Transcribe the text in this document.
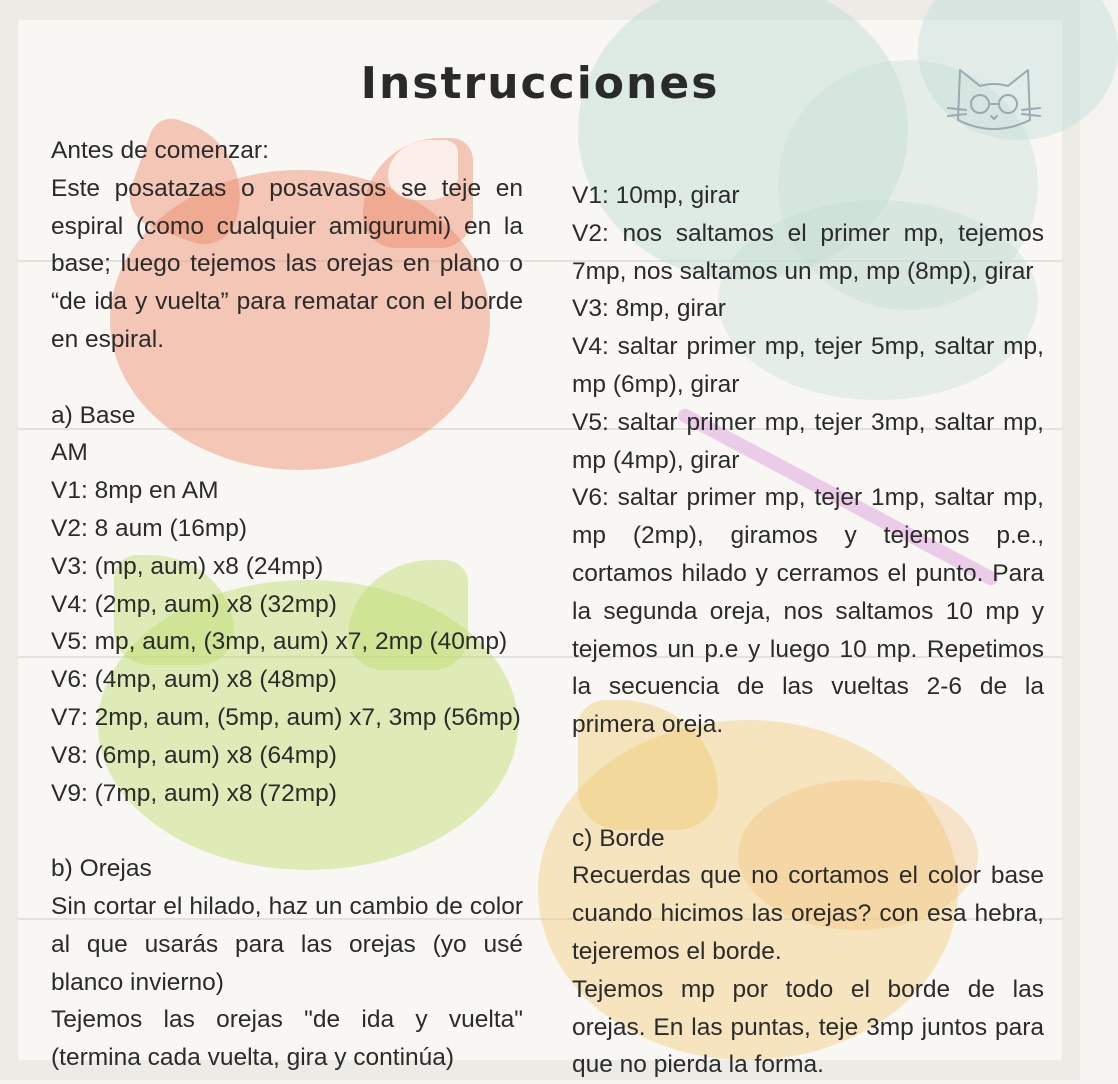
Instrucciones

Antes de comenzar:

Este posatazas o posavasos se teje en espiral (como cualquier amigurumi) en la base; luego tejemos las orejas en plano o “de ida y vuelta” para rematar con el borde en espiral.

a) Base

AM

V1: 8mp en AM

V2: 8 aum (16mp)

V3: (mp, aum) x8 (24mp)

V4: (2mp, aum) x8 (32mp)

V5: mp, aum, (3mp, aum) x7, 2mp (40mp)

V6: (4mp, aum) x8 (48mp)

V7: 2mp, aum, (5mp, aum) x7, 3mp (56mp)

V8: (6mp, aum) x8 (64mp)

V9: (7mp, aum) x8 (72mp)

b) Orejas

Sin cortar el hilado, haz un cambio de color al que usarás para las orejas (yo usé blanco invierno)

Tejemos las orejas "de ida y vuelta" (termina cada vuelta, gira y continúa)

V1: 10mp, girar

V2: nos saltamos el primer mp, tejemos 7mp, nos saltamos un mp, mp (8mp), girar

V3: 8mp, girar

V4: saltar primer mp, tejer 5mp, saltar mp, mp (6mp), girar

V5: saltar primer mp, tejer 3mp, saltar mp, mp (4mp), girar

V6: saltar primer mp, tejer 1mp, saltar mp, mp (2mp), giramos y tejemos p.e., cortamos hilado y cerramos el punto. Para la segunda oreja, nos saltamos 10 mp y tejemos un p.e y luego 10 mp. Repetimos la secuencia de las vueltas 2-6 de la primera oreja.

c) Borde

Recuerdas que no cortamos el color base cuando hicimos las orejas? con esa hebra, tejeremos el borde.

Tejemos mp por todo el borde de las orejas. En las puntas, teje 3mp juntos para que no pierda la forma.
